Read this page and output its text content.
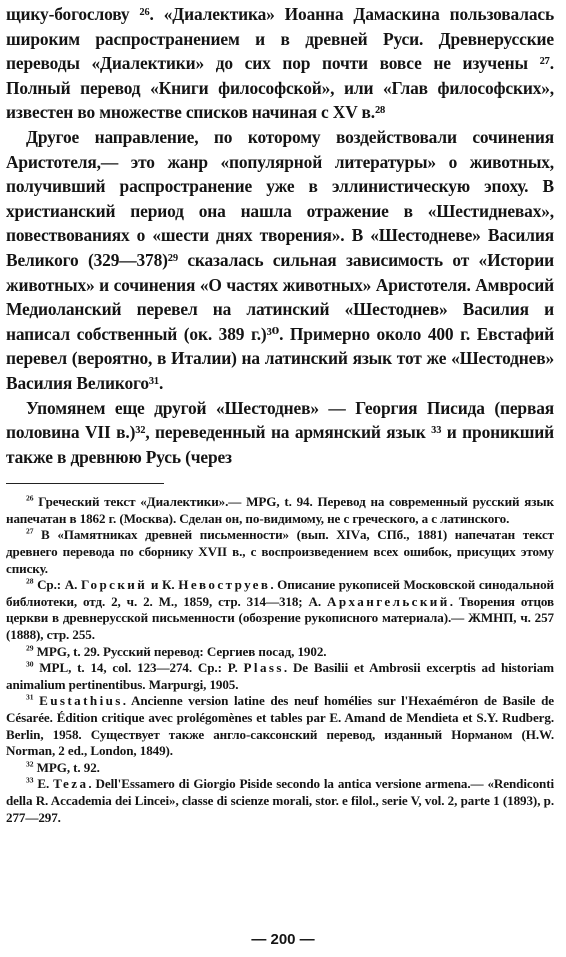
щику-богослову ²⁶. «Диалектика» Иоанна Дамаскина пользовалась широким распространением и в древней Руси. Древнерусские переводы «Диалектики» до сих пор почти вовсе не изучены ²⁷. Полный перевод «Книги философской», или «Глав философских», известен во множестве списков начиная с XV в.²⁸

Другое направление, по которому воздействовали сочинения Аристотеля,— это жанр «популярной литературы» о животных, получивший распространение уже в эллинистическую эпоху. В христианский период она нашла отражение в «Шестидневах», повествованиях о «шести днях творения». В «Шестодневе» Василия Великого (329—378)²⁹ сказалась сильная зависимость от «Истории животных» и сочинения «О частях животных» Аристотеля. Амвросий Медиоланский перевел на латинский «Шестоднев» Василия и написал собственный (ок. 389 г.)³⁰. Примерно около 400 г. Евстафий перевел (вероятно, в Италии) на латинский язык тот же «Шестоднев» Василия Великого³¹.

Упомянем еще другой «Шестоднев» — Георгия Писида (первая половина VII в.)³², переведенный на армянский язык ³³ и проникший также в древнюю Русь (через

$^{26}$ Греческий текст «Диалектики».— MPG, t. 94. Перевод на современный русский язык напечатан в 1862 г. (Москва). Сделан он, по-видимому, не с греческого, а с латинского.

$^{27}$ В «Памятниках древней письменности» (вып. XIVа, СПб., 1881) напечатан текст древнего перевода по сборнику XVII в., с воспроизведением всех ошибок, присущих этому списку.

$^{28}$ Ср.: А. Горский и К. Невоструев. Описание рукописей Московской синодальной библиотеки, отд. 2, ч. 2. М., 1859, стр. 314—318; А. Архангельский. Творения отцов церкви в древнерусской письменности (обозрение рукописного материала).— ЖМНП, ч. 257 (1888), стр. 255.

$^{29}$ MPG, t. 29. Русский перевод: Сергиев посад, 1902.

$^{30}$ MPL, t. 14, col. 123—274. Ср.: P. Plass. De Basilii et Ambrosii excerptis ad historiam animalium pertinentibus. Marpurgi, 1905.

$^{31}$ Eustathius. Ancienne version latine des neuf homélies sur l'Hexaéméron de Basile de Césarée. Édition critique avec prolégomènes et tables par E. Amand de Mendieta et S.Y. Rudberg. Berlin, 1958. Существует также англо-саксонский перевод, изданный Норманом (H.W. Norman, 2 ed., London, 1849).

$^{32}$ MPG, t. 92.

$^{33}$ E. Teza. Dell'Essamero di Giorgio Piside secondo la antica versione armena.— «Rendiconti della R. Accademia dei Lincei», classe di scienze morali, stor. e filol., serie V, vol. 2, parte 1 (1893), p. 277—297.

— 200 —
